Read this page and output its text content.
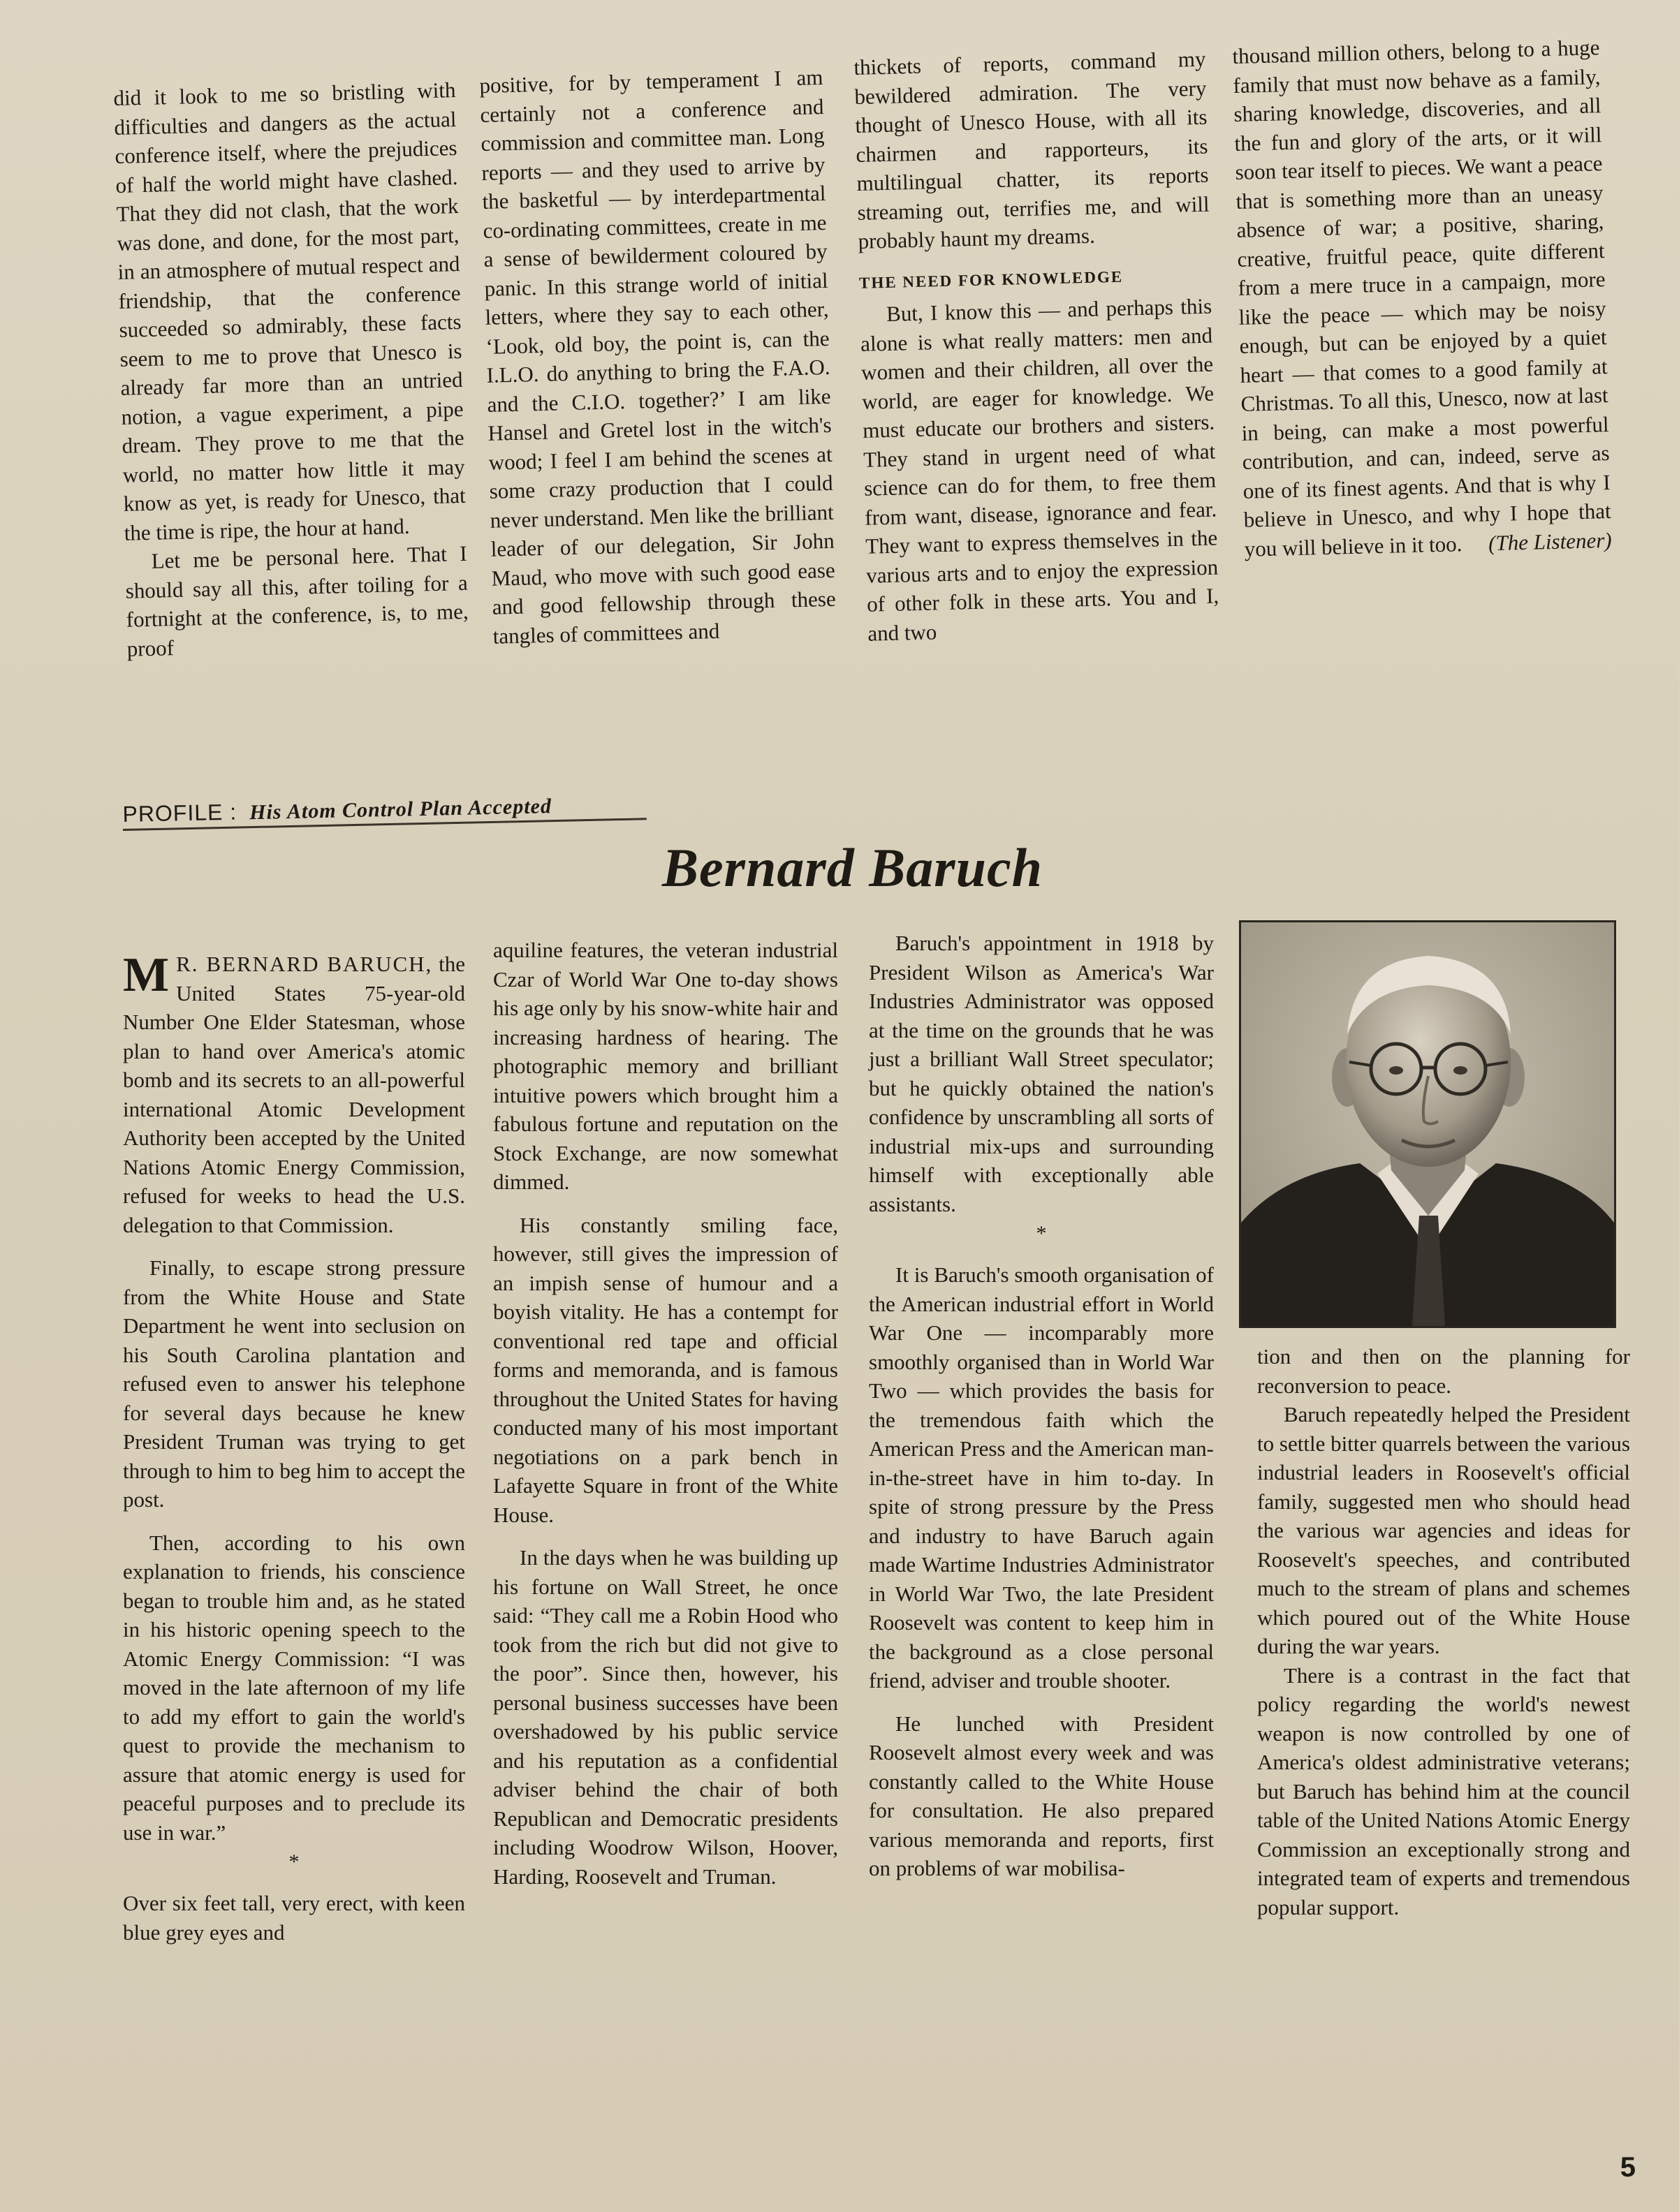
did it look to me so bristling with difficulties and dangers as the actual conference itself, where the prejudices of half the world might have clashed. That they did not clash, that the work was done, and done, for the most part, in an atmosphere of mutual respect and friendship, that the conference succeeded so admirably, these facts seem to me to prove that Unesco is already far more than an untried notion, a vague experiment, a pipe dream. They prove to me that the world, no matter how little it may know as yet, is ready for Unesco, that the time is ripe, the hour at hand.

Let me be personal here. That I should say all this, after toiling for a fortnight at the conference, is, to me, proof

positive, for by temperament I am certainly not a conference and commission and committee man. Long reports — and they used to arrive by the basketful — by interdepartmental co-ordinating committees, create in me a sense of bewilderment coloured by panic. In this strange world of initial letters, where they say to each other, ‘Look, old boy, the point is, can the I.L.O. do anything to bring the F.A.O. and the C.I.O. together?’ I am like Hansel and Gretel lost in the witch's wood; I feel I am behind the scenes at some crazy production that I could never understand. Men like the brilliant leader of our delegation, Sir John Maud, who move with such good ease and good fellowship through these tangles of committees and

thickets of reports, command my bewildered admiration. The very thought of Unesco House, with all its chairmen and rapporteurs, its multilingual chatter, its reports streaming out, terrifies me, and will probably haunt my dreams.

THE NEED FOR KNOWLEDGE

But, I know this — and perhaps this alone is what really matters: men and women and their children, all over the world, are eager for knowledge. We must educate our brothers and sisters. They stand in urgent need of what science can do for them, to free them from want, disease, ignorance and fear. They want to express themselves in the various arts and to enjoy the expression of other folk in these arts. You and I, and two

thousand million others, belong to a huge family that must now behave as a family, sharing knowledge, discoveries, and all the fun and glory of the arts, or it will soon tear itself to pieces. We want a peace that is something more than an uneasy absence of war; a positive, sharing, creative, fruitful peace, quite different from a mere truce in a campaign, more like the peace — which may be noisy enough, but can be enjoyed by a quiet heart — that comes to a good family at Christmas. To all this, Unesco, now at last in being, can make a most powerful contribution, and can, indeed, serve as one of its finest agents. And that is why I believe in Unesco, and why I hope that you will believe in it too. (The Listener)

PROFILE : His Atom Control Plan Accepted
Bernard Baruch

M R. BERNARD BARUCH, the United States 75-year-old Number One Elder Statesman, whose plan to hand over America's atomic bomb and its secrets to an all-powerful international Atomic Development Authority been accepted by the United Nations Atomic Energy Commission, refused for weeks to head the U.S. delegation to that Commission.

Finally, to escape strong pressure from the White House and State Department he went into seclusion on his South Carolina plantation and refused even to answer his telephone for several days because he knew President Truman was trying to get through to him to beg him to accept the post.

Then, according to his own explanation to friends, his conscience began to trouble him and, as he stated in his historic opening speech to the Atomic Energy Commission: “I was moved in the late afternoon of my life to add my effort to gain the world's quest to provide the mechanism to assure that atomic energy is used for peaceful purposes and to preclude its use in war.”

*

Over six feet tall, very erect, with keen blue grey eyes and

aquiline features, the veteran industrial Czar of World War One to-day shows his age only by his snow-white hair and increasing hardness of hearing. The photographic memory and brilliant intuitive powers which brought him a fabulous fortune and reputation on the Stock Exchange, are now somewhat dimmed.

His constantly smiling face, however, still gives the impression of an impish sense of humour and a boyish vitality. He has a contempt for conventional red tape and official forms and memoranda, and is famous throughout the United States for having conducted many of his most important negotiations on a park bench in Lafayette Square in front of the White House.

In the days when he was building up his fortune on Wall Street, he once said: “They call me a Robin Hood who took from the rich but did not give to the poor”. Since then, however, his personal business successes have been overshadowed by his public service and his reputation as a confidential adviser behind the chair of both Republican and Democratic presidents including Woodrow Wilson, Hoover, Harding, Roosevelt and Truman.

Baruch's appointment in 1918 by President Wilson as America's War Industries Administrator was opposed at the time on the grounds that he was just a brilliant Wall Street speculator; but he quickly obtained the nation's confidence by unscrambling all sorts of industrial mix-ups and surrounding himself with exceptionally able assistants.

*

It is Baruch's smooth organisation of the American industrial effort in World War One — incomparably more smoothly organised than in World War Two — which provides the basis for the tremendous faith which the American Press and the American man-in-the-street have in him to-day. In spite of strong pressure by the Press and industry to have Baruch again made Wartime Industries Administrator in World War Two, the late President Roosevelt was content to keep him in the background as a close personal friend, adviser and trouble shooter.

He lunched with President Roosevelt almost every week and was constantly called to the White House for consultation. He also prepared various memoranda and reports, first on problems of war mobilisa-

tion and then on the planning for reconversion to peace.

Baruch repeatedly helped the President to settle bitter quarrels between the various industrial leaders in Roosevelt's official family, suggested men who should head the various war agencies and ideas for Roosevelt's speeches, and contributed much to the stream of plans and schemes which poured out of the White House during the war years.

There is a contrast in the fact that policy regarding the world's newest weapon is now controlled by one of America's oldest administrative veterans; but Baruch has behind him at the council table of the United Nations Atomic Energy Commission an exceptionally strong and integrated team of experts and tremendous popular support.

5
